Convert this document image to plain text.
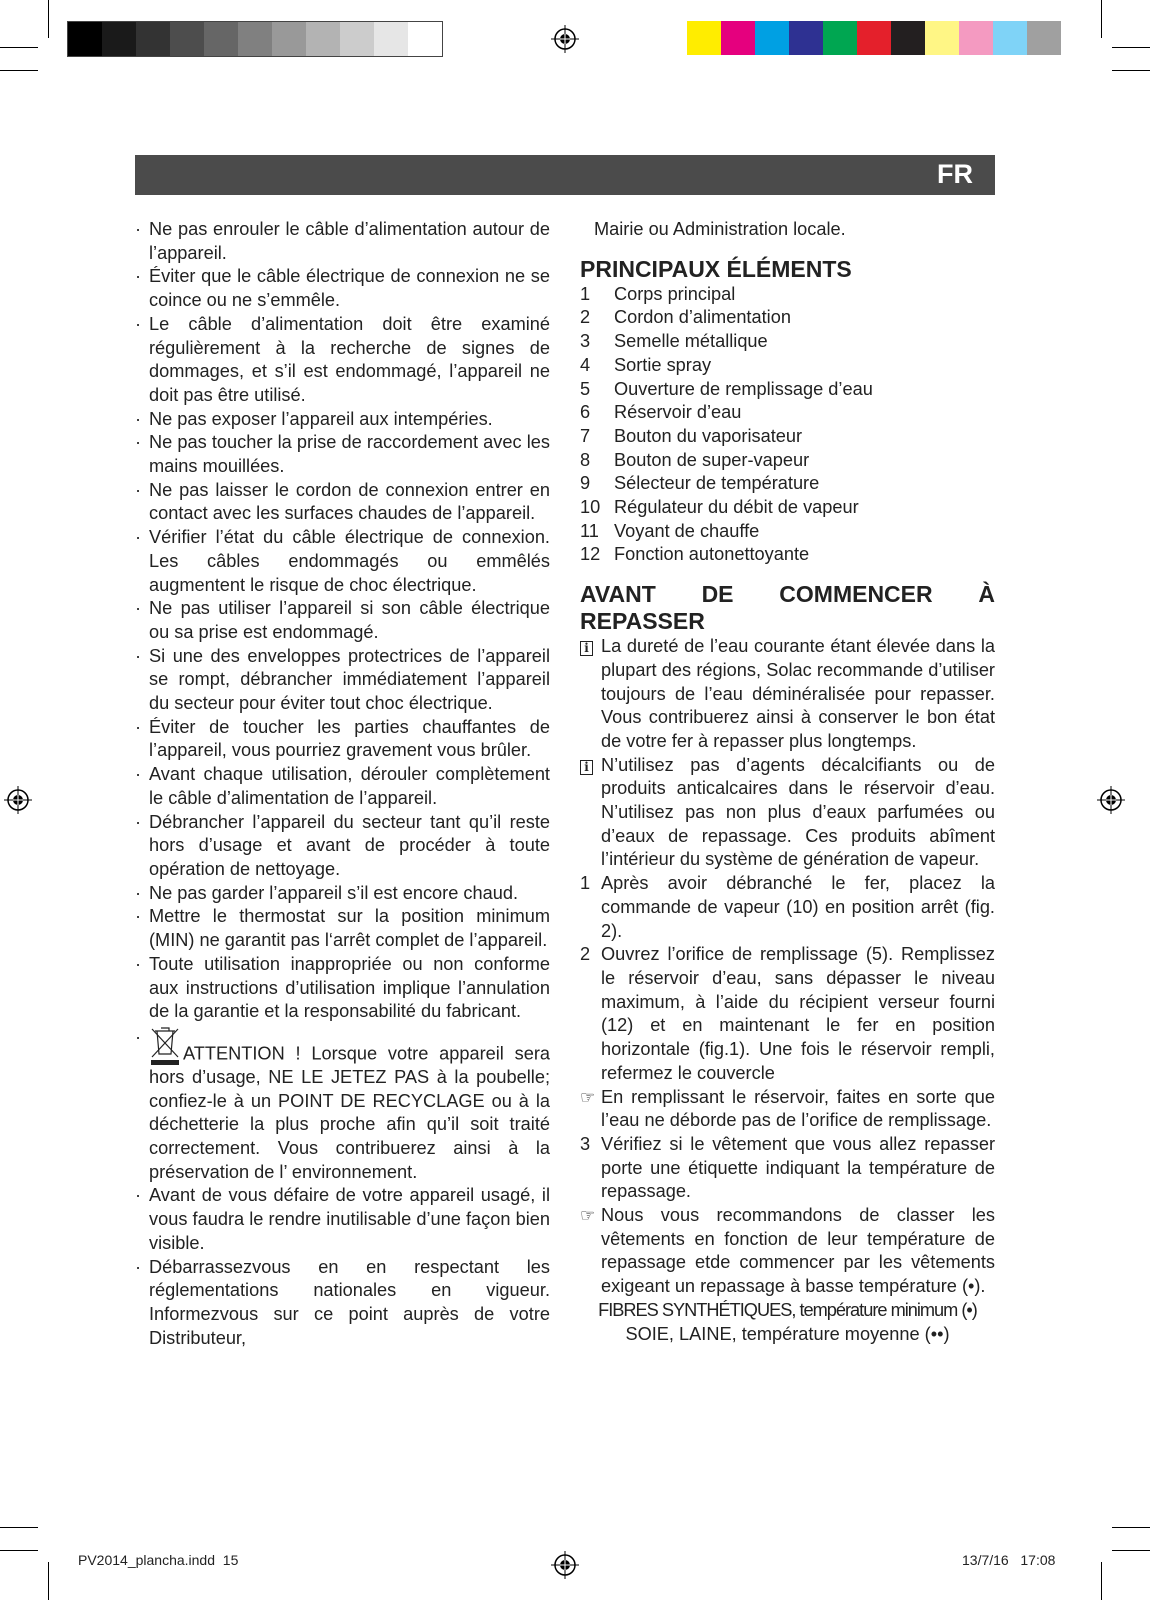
FR
· Ne pas enrouler le câble d’alimentation autour de l’appareil.
· Éviter que le câble électrique de connexion ne se coince ou ne s’emmêle.
· Le câble d’alimentation doit être examiné régulièrement à la recherche de signes de dommages, et s’il est endommagé, l’appareil ne doit pas être utilisé.
· Ne pas exposer l’appareil aux intempéries.
· Ne pas toucher la prise de raccordement avec les mains mouillées.
· Ne pas laisser le cordon de connexion entrer en contact avec les surfaces chaudes de l’appareil.
· Vérifier l’état du câble électrique de connexion. Les câbles endommagés ou emmêlés augmentent le risque de choc électrique.
· Ne pas utiliser l’appareil si son câble électrique ou sa prise est endommagé.
· Si une des enveloppes protectrices de l’appareil se rompt, débrancher immédiatement l’appareil du secteur pour éviter tout choc électrique.
· Éviter de toucher les parties chauffantes de l’appareil, vous pourriez gravement vous brûler.
· Avant chaque utilisation, dérouler complètement le câble d’alimentation de l’appareil.
· Débrancher l’appareil du secteur tant qu’il reste hors d’usage et avant de procéder à toute opération de nettoyage.
· Ne pas garder l’appareil s’il est encore chaud.
· Mettre le thermostat sur la position minimum (MIN) ne garantit pas l‘arrêt complet de l’appareil.
· Toute utilisation inappropriée ou non conforme aux instructions d’utilisation implique l’annulation de la garantie et la responsabilité du fabricant.
·
ATTENTION ! Lorsque votre appareil sera hors d’usage, NE LE JETEZ PAS à la poubelle; confiez-le à un POINT DE RECYCLAGE ou à la déchetterie la plus proche afin qu’il soit traité correctement. Vous contribuerez ainsi à la préservation de l’ environnement.
· Avant de vous défaire de votre appareil usagé, il vous faudra le rendre inutilisable d’une façon bien visible.
· Débarrassezvous en en respectant les réglementations nationales en vigueur. Informezvous sur ce point auprès de votre Distributeur,
Mairie ou Administration locale.
PRINCIPAUX ÉLÉMENTS
1	Corps principal
2	Cordon d’alimentation
3	Semelle métallique
4	Sortie spray
5	Ouverture de remplissage d’eau
6	Réservoir d’eau
7	Bouton du vaporisateur
8	Bouton de super-vapeur
9	Sélecteur de température
10 Régulateur du débit de vapeur
11 Voyant de chauffe
12 Fonction autonettoyante
AVANT DE COMMENCER À REPASSER
i La dureté de l’eau courante étant élevée dans la plupart des régions, Solac recommande d’utiliser toujours de l’eau déminéralisée pour repasser. Vous contribuerez ainsi à conserver le bon état de votre fer à repasser plus longtemps.
i N’utilisez pas d’agents décalcifiants ou de produits anticalcaires dans le réservoir d’eau. N’utilisez pas non plus d’eaux parfumées ou d’eaux de repassage. Ces produits abîment l’intérieur du système de génération de vapeur.
1 Après avoir débranché le fer, placez la commande de vapeur (10) en position arrêt (fig. 2).
2 Ouvrez l’orifice de remplissage (5). Remplissez le réservoir d’eau, sans dépasser le niveau maximum, à l’aide du récipient verseur fourni (12) et en maintenant le fer en position horizontale (fig.1). Une fois le réservoir rempli, refermez le couvercle
☞ En remplissant le réservoir, faites en sorte que l’eau ne déborde pas de l’orifice de remplissage.
3 Vérifiez si le vêtement que vous allez repasser porte une étiquette indiquant la température de repassage.
☞ Nous vous recommandons de classer les vêtements en fonction de leur température de repassage etde commencer par les vêtements exigeant un repassage à basse température (•).
FIBRES SYNTHÉTIQUES, température minimum (•)
SOIE, LAINE, température moyenne (••)
PV2014_plancha.indd 15	13/7/16 17:08
